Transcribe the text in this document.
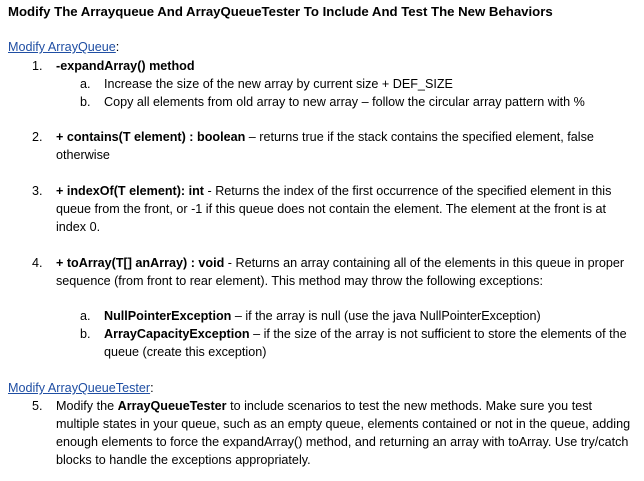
Modify The Arrayqueue And ArrayQueueTester To Include And Test The New Behaviors
Modify ArrayQueue:
1.	-expandArray() method
a. Increase the size of the new array by current size + DEF_SIZE
b. Copy all elements from old array to new array – follow the circular array pattern with %
2.	+ contains(T element) : boolean – returns true if the stack contains the specified element, false otherwise
3.	+ indexOf(T element): int - Returns the index of the first occurrence of the specified element in this queue from the front, or -1 if this queue does not contain the element. The element at the front is at index 0.
4.	+ toArray(T[] anArray) : void - Returns an array containing all of the elements in this queue in proper sequence (from front to rear element). This method may throw the following exceptions:
a. NullPointerException – if the array is null (use the java NullPointerException)
b. ArrayCapacityException – if the size of the array is not sufficient to store the elements of the queue (create this exception)
Modify ArrayQueueTester:
5.	Modify the ArrayQueueTester to include scenarios to test the new methods. Make sure you test multiple states in your queue, such as an empty queue, elements contained or not in the queue, adding enough elements to force the expandArray() method, and returning an array with toArray. Use try/catch blocks to handle the exceptions appropriately.
